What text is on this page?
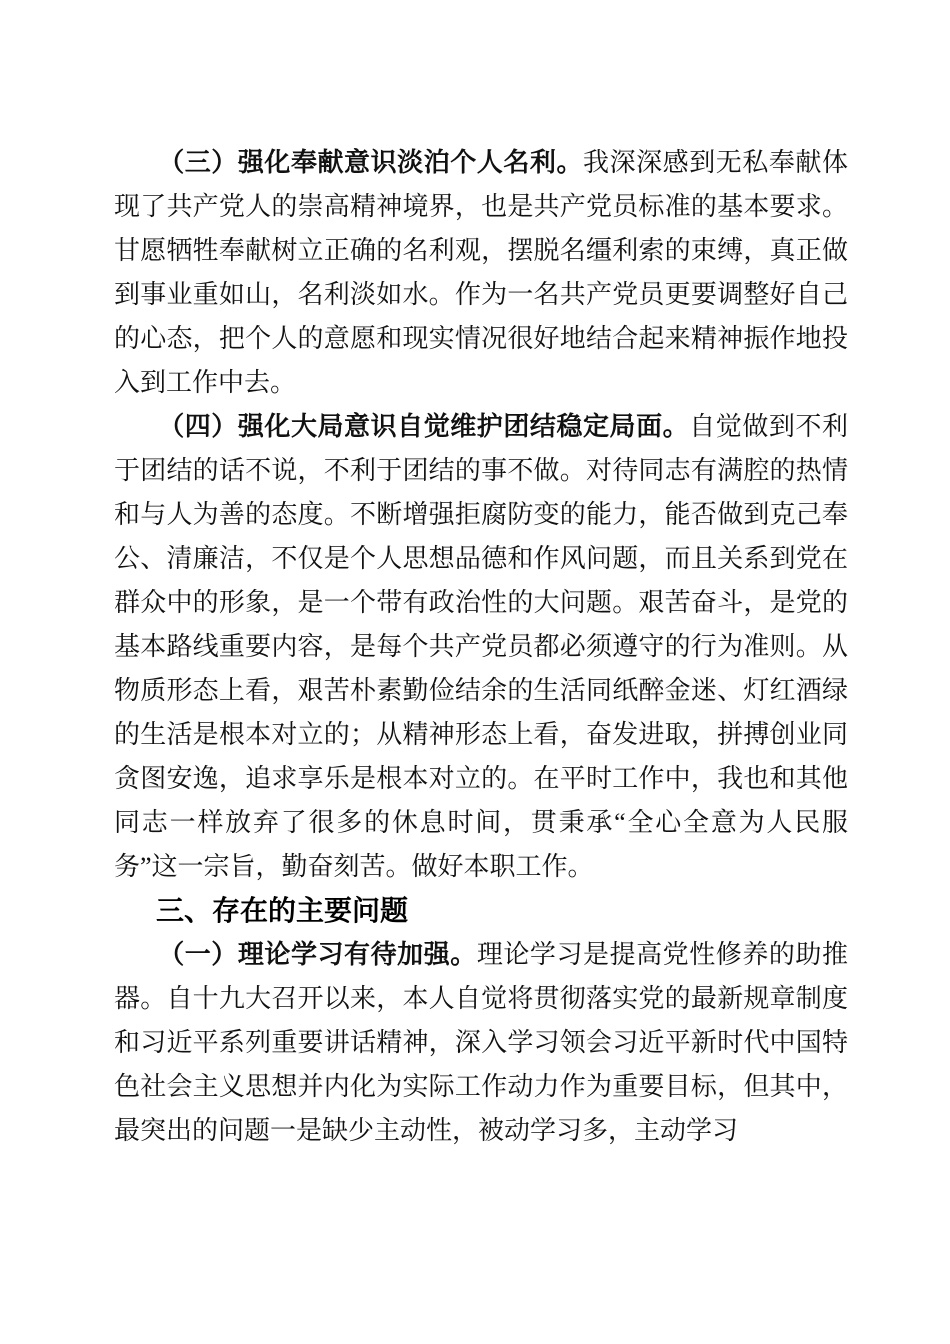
（三）强化奉献意识淡泊个人名利。我深深感到无私奉献体现了共产党人的崇高精神境界，也是共产党员标准的基本要求。甘愿牺牲奉献树立正确的名利观，摆脱名缰利索的束缚，真正做到事业重如山，名利淡如水。作为一名共产党员更要调整好自己的心态，把个人的意愿和现实情况很好地结合起来精神振作地投入到工作中去。

（四）强化大局意识自觉维护团结稳定局面。自觉做到不利于团结的话不说，不利于团结的事不做。对待同志有满腔的热情和与人为善的态度。不断增强拒腐防变的能力，能否做到克己奉公、清廉洁，不仅是个人思想品德和作风问题，而且关系到党在群众中的形象，是一个带有政治性的大问题。艰苦奋斗，是党的基本路线重要内容，是每个共产党员都必须遵守的行为准则。从物质形态上看，艰苦朴素勤俭结余的生活同纸醉金迷、灯红酒绿的生活是根本对立的；从精神形态上看，奋发进取，拼搏创业同贪图安逸，追求享乐是根本对立的。在平时工作中，我也和其他同志一样放弃了很多的休息时间，贯秉承“全心全意为人民服务”这一宗旨，勤奋刻苦。做好本职工作。

三、存在的主要问题

（一）理论学习有待加强。理论学习是提高党性修养的助推器。自十九大召开以来，本人自觉将贯彻落实党的最新规章制度和习近平系列重要讲话精神，深入学习领会习近平新时代中国特色社会主义思想并内化为实际工作动力作为重要目标，但其中，最突出的问题一是缺少主动性，被动学习多，主动学习
